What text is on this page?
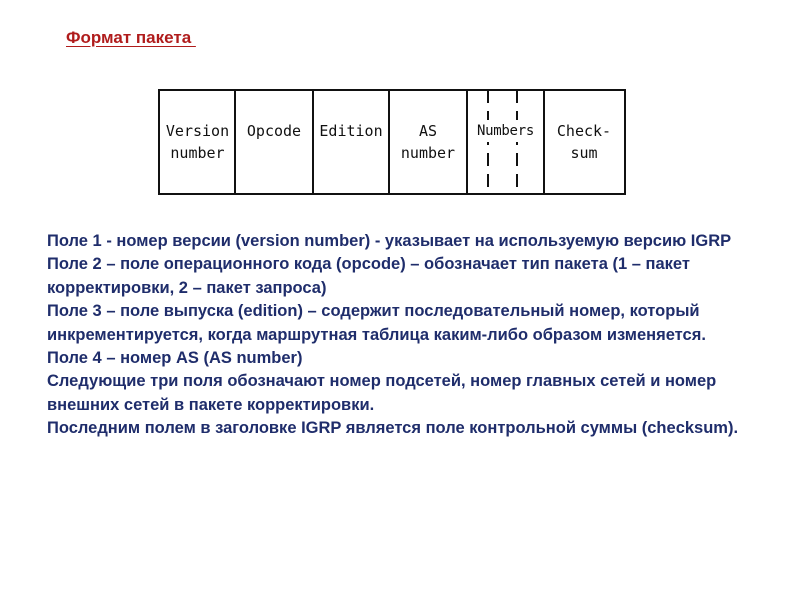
Формат пакета
Version
number
Opcode Edition	AS
number
Numbers Check-
sum

Поле 1 - номер версии (version number) - указывает на используемую версию IGRP

Поле 2 – поле операционного кода (opcode) – обозначает тип пакета (1 – пакет корректировки, 2 – пакет запроса)

Поле 3 – поле выпуска (edition) – содержит последовательный номер, который инкрементируется, когда маршрутная таблица каким-либо образом изменяется.

Поле 4 – номер AS (AS number)

Следующие три поля обозначают номер подсетей, номер главных сетей и номер внешних сетей в пакете корректировки.

Последним полем в заголовке IGRP является поле контрольной суммы (checksum).
